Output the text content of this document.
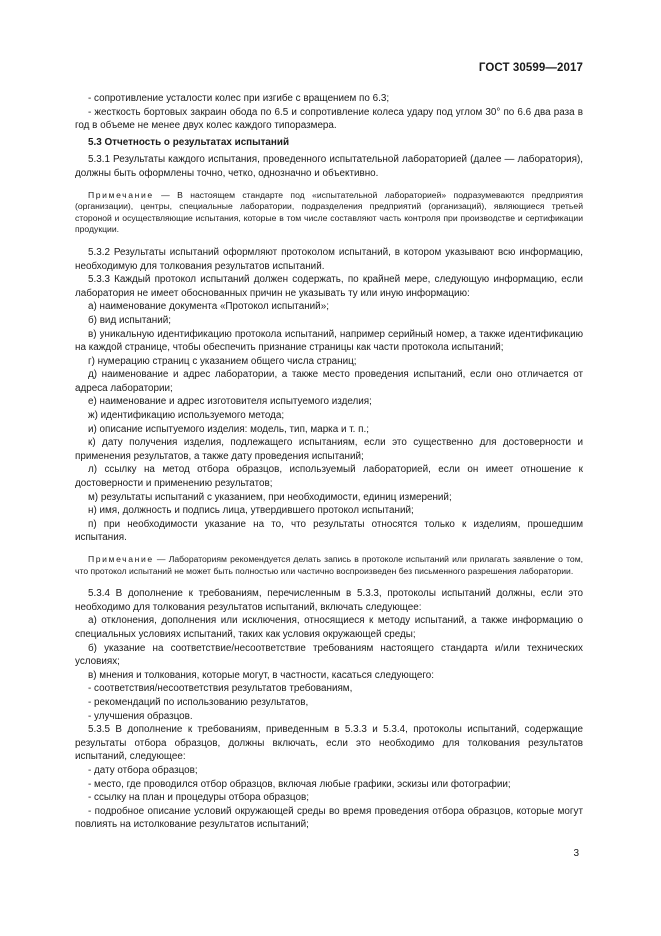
ГОСТ 30599—2017

- сопротивление усталости колес при изгибе с вращением по 6.3;

- жесткость бортовых закраин обода по 6.5 и сопротивление колеса удару под углом 30° по 6.6 два раза в год в объеме не менее двух колес каждого типоразмера.

5.3 Отчетность о результатах испытаний

5.3.1 Результаты каждого испытания, проведенного испытательной лабораторией (далее — лаборатория), должны быть оформлены точно, четко, однозначно и объективно.

Примечание — В настоящем стандарте под «испытательной лабораторией» подразумеваются предприятия (организации), центры, специальные лаборатории, подразделения предприятий (организаций), являющиеся третьей стороной и осуществляющие испытания, которые в том числе составляют часть контроля при производстве и сертификации продукции.

5.3.2 Результаты испытаний оформляют протоколом испытаний, в котором указывают всю информацию, необходимую для толкования результатов испытаний.

5.3.3 Каждый протокол испытаний должен содержать, по крайней мере, следующую информацию, если лаборатория не имеет обоснованных причин не указывать ту или иную информацию:

а) наименование документа «Протокол испытаний»;

б) вид испытаний;

в) уникальную идентификацию протокола испытаний, например серийный номер, а также идентификацию на каждой странице, чтобы обеспечить признание страницы как части протокола испытаний;

г) нумерацию страниц с указанием общего числа страниц;

д) наименование и адрес лаборатории, а также место проведения испытаний, если оно отличается от адреса лаборатории;

е) наименование и адрес изготовителя испытуемого изделия;

ж) идентификацию используемого метода;

и) описание испытуемого изделия: модель, тип, марка и т. п.;

к) дату получения изделия, подлежащего испытаниям, если это существенно для достоверности и применения результатов, а также дату проведения испытаний;

л) ссылку на метод отбора образцов, используемый лабораторией, если он имеет отношение к достоверности и применению результатов;

м) результаты испытаний с указанием, при необходимости, единиц измерений;

н) имя, должность и подпись лица, утвердившего протокол испытаний;

п) при необходимости указание на то, что результаты относятся только к изделиям, прошедшим испытания.

Примечание — Лабораториям рекомендуется делать запись в протоколе испытаний или прилагать заявление о том, что протокол испытаний не может быть полностью или частично воспроизведен без письменного разрешения лаборатории.

5.3.4 В дополнение к требованиям, перечисленным в 5.3.3, протоколы испытаний должны, если это необходимо для толкования результатов испытаний, включать следующее:

а) отклонения, дополнения или исключения, относящиеся к методу испытаний, а также информацию о специальных условиях испытаний, таких как условия окружающей среды;

б) указание на соответствие/несоответствие требованиям настоящего стандарта и/или технических условиях;

в) мнения и толкования, которые могут, в частности, касаться следующего:

- соответствия/несоответствия результатов требованиям,

- рекомендаций по использованию результатов,

- улучшения образцов.

5.3.5 В дополнение к требованиям, приведенным в 5.3.3 и 5.3.4, протоколы испытаний, содержащие результаты отбора образцов, должны включать, если это необходимо для толкования результатов испытаний, следующее:

- дату отбора образцов;

- место, где проводился отбор образцов, включая любые графики, эскизы или фотографии;

- ссылку на план и процедуры отбора образцов;

- подробное описание условий окружающей среды во время проведения отбора образцов, которые могут повлиять на истолкование результатов испытаний;

3
